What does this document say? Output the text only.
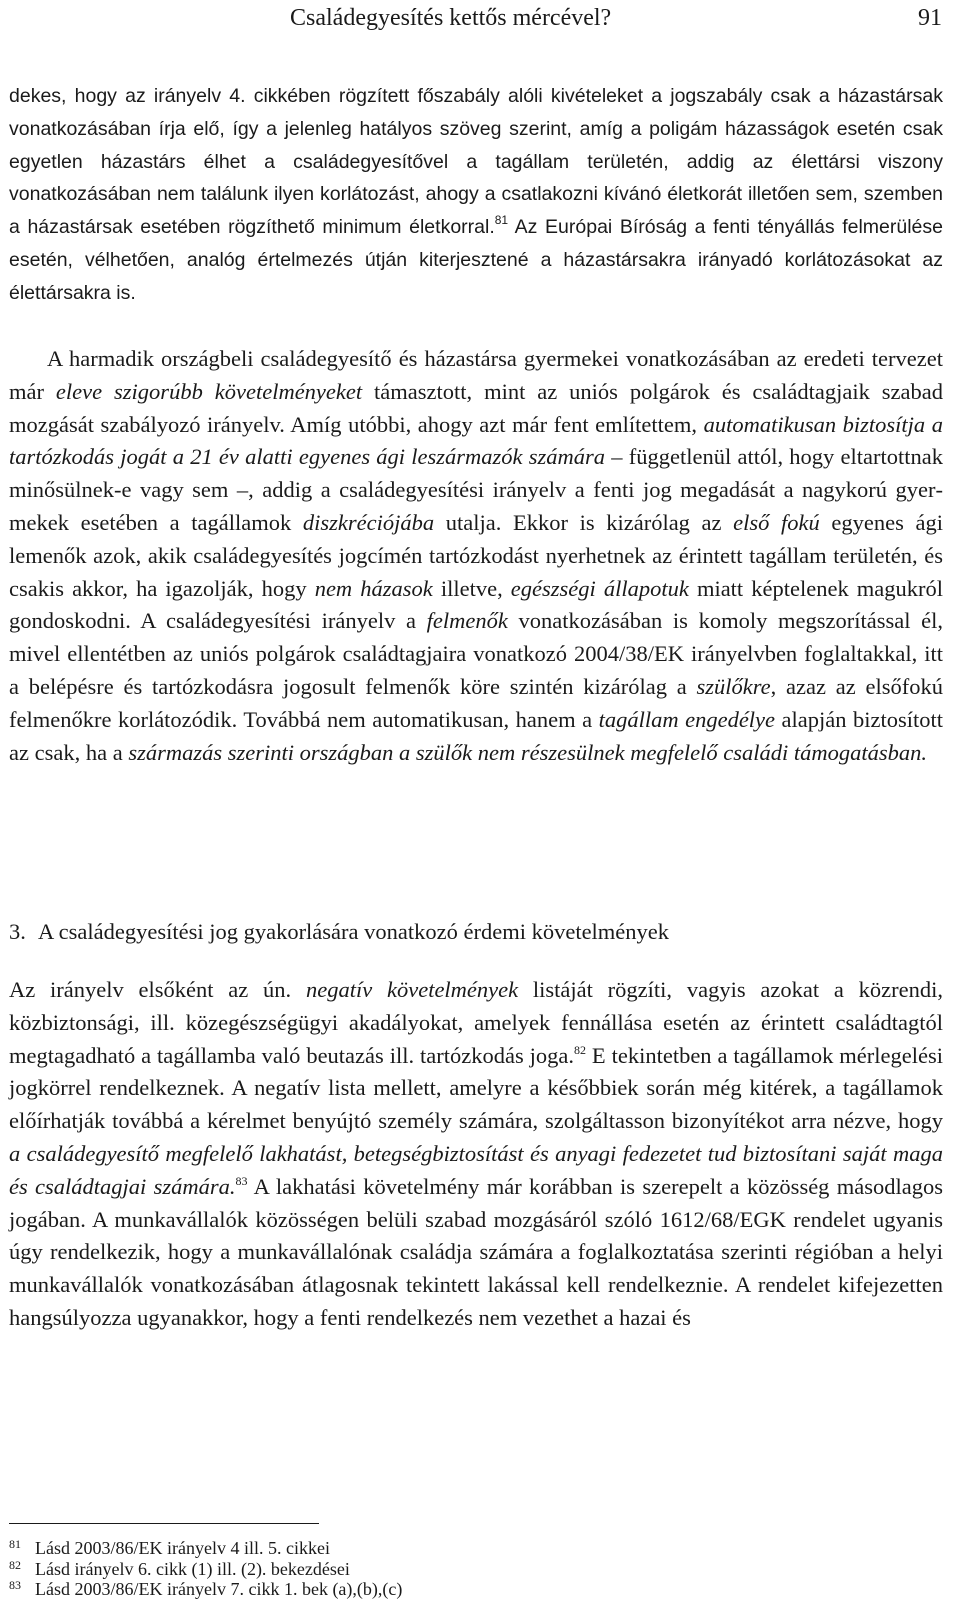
Családegyesítés kettős mércével?	91

dekes, hogy az irányelv 4. cikkében rögzített főszabály alóli kivételeket a jogszabály csak a házastársak vonatkozásában írja elő, így a jelenleg hatályos szöveg szerint, amíg a poligám házasságok esetén csak egyetlen házastárs élhet a családegyesítővel a tagállam területén, addig az élettársi viszony vonatkozásában nem találunk ilyen korlátozást, ahogy a csatlakozni kívánó életkorát illetően sem, szemben a házastársak esetében rögzíthető minimum életkorral.$^{81}$ Az Európai Bíróság a fenti tényállás felmerülése esetén, vélhetően, analóg értelmezés útján kiterjesztené a házastársakra irányadó korlátozásokat az élettársakra is.

A harmadik országbeli családegyesítő és házastársa gyermekei vonatkozásában az eredeti tervezet már eleve szigorúbb követelményeket támasztott, mint az uniós polgárok és családtagjaik szabad mozgását szabályozó irányelv. Amíg utóbbi, ahogy azt már fent említettem, automatikusan biztosítja a tartózkodás jogát a 21 év alatti egyenes ági leszármazók számára – függetlenül attól, hogy eltartottnak minősülnek-e vagy sem –, addig a családegyesítési irányelv a fenti jog megadását a nagykorú gyermekek esetében a tagállamok diszkréciójába utalja. Ekkor is kizárólag az első fokú egyenes ági lemenők azok, akik családegyesítés jogcímén tartózkodást nyerhetnek az érintett tagállam területén, és csakis akkor, ha igazolják, hogy nem házasok illetve, egészségi állapotuk miatt képtelenek magukról gondoskodni. A családegyesítési irányelv a felmenők vonatkozásában is komoly megszorítással él, mivel ellentétben az uniós polgárok családtagjaira vonatkozó 2004/38/EK irányelvben foglaltakkal, itt a belépésre és tartózkodásra jogosult felmenők köre szintén kizárólag a szülőkre, azaz az elsőfokú felmenőkre korlátozódik. Továbbá nem automatikusan, hanem a tagállam engedélye alapján biztosított az csak, ha a származás szerinti országban a szülők nem részesülnek megfelelő családi támogatásban.

3. A családegyesítési jog gyakorlására vonatkozó érdemi követelmények

Az irányelv elsőként az ún. negatív követelmények listáját rögzíti, vagyis azokat a közrendi, közbiztonsági, ill. közegészségügyi akadályokat, amelyek fennállása esetén az érintett családtagtól megtagadható a tagállamba való beutazás ill. tartózkodás joga.$^{82}$ E tekintetben a tagállamok mérlegelési jogkörrel rendelkeznek. A negatív lista mellett, amelyre a későbbiek során még kitérek, a tagállamok előírhatják továbbá a kérelmet benyújtó személy számára, szolgáltasson bizonyítékot arra nézve, hogy a családegyesítő megfelelő lakhatást, betegségbiztosítást és anyagi fedezetet tud biztosítani saját maga és családtagjai számára.$^{83}$ A lakhatási követelmény már korábban is szerepelt a közösség másodlagos jogában. A munkavállalók közösségen belüli szabad mozgásáról szóló 1612/68/EGK rendelet ugyanis úgy rendelkezik, hogy a munkavállalónak családja számára a foglalkoztatása szerinti régióban a helyi munkavállalók vonatkozásában átlagosnak tekintett lakással kell rendelkeznie. A rendelet kifejezetten hangsúlyozza ugyanakkor, hogy a fenti rendelkezés nem vezethet a hazai és

81 Lásd 2003/86/EK irányelv 4 ill. 5. cikkei
82 Lásd irányelv 6. cikk (1) ill. (2). bekezdései
83 Lásd 2003/86/EK irányelv 7. cikk 1. bek (a),(b),(c)
